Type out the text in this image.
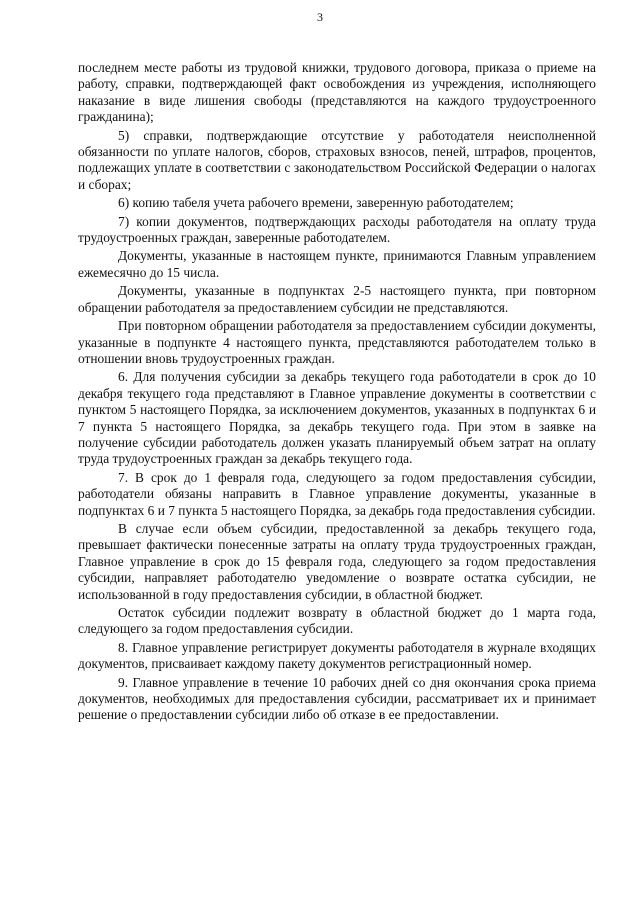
3

последнем месте работы из трудовой книжки, трудового договора, приказа о приеме на работу, справки, подтверждающей факт освобождения из учреждения, исполняющего наказание в виде лишения свободы (представляются на каждого трудоустроенного гражданина);

5) справки, подтверждающие отсутствие у работодателя неисполненной обязанности по уплате налогов, сборов, страховых взносов, пеней, штрафов, процентов, подлежащих уплате в соответствии с законодательством Российской Федерации о налогах и сборах;

6) копию табеля учета рабочего времени, заверенную работодателем;

7) копии документов, подтверждающих расходы работодателя на оплату труда трудоустроенных граждан, заверенные работодателем.

Документы, указанные в настоящем пункте, принимаются Главным управлением ежемесячно до 15 числа.

Документы, указанные в подпунктах 2-5 настоящего пункта, при повторном обращении работодателя за предоставлением субсидии не представляются.

При повторном обращении работодателя за предоставлением субсидии документы, указанные в подпункте 4 настоящего пункта, представляются работодателем только в отношении вновь трудоустроенных граждан.

6. Для получения субсидии за декабрь текущего года работодатели в срок до 10 декабря текущего года представляют в Главное управление документы в соответствии с пунктом 5 настоящего Порядка, за исключением документов, указанных в подпунктах 6 и 7 пункта 5 настоящего Порядка, за декабрь текущего года. При этом в заявке на получение субсидии работодатель должен указать планируемый объем затрат на оплату труда трудоустроенных граждан за декабрь текущего года.

7. В срок до 1 февраля года, следующего за годом предоставления субсидии, работодатели обязаны направить в Главное управление документы, указанные в подпунктах 6 и 7 пункта 5 настоящего Порядка, за декабрь года предоставления субсидии.

В случае если объем субсидии, предоставленной за декабрь текущего года, превышает фактически понесенные затраты на оплату труда трудоустроенных граждан, Главное управление в срок до 15 февраля года, следующего за годом предоставления субсидии, направляет работодателю уведомление о возврате остатка субсидии, не использованной в году предоставления субсидии, в областной бюджет.

Остаток субсидии подлежит возврату в областной бюджет до 1 марта года, следующего за годом предоставления субсидии.

8. Главное управление регистрирует документы работодателя в журнале входящих документов, присваивает каждому пакету документов регистрационный номер.

9. Главное управление в течение 10 рабочих дней со дня окончания срока приема документов, необходимых для предоставления субсидии, рассматривает их и принимает решение о предоставлении субсидии либо об отказе в ее предоставлении.
